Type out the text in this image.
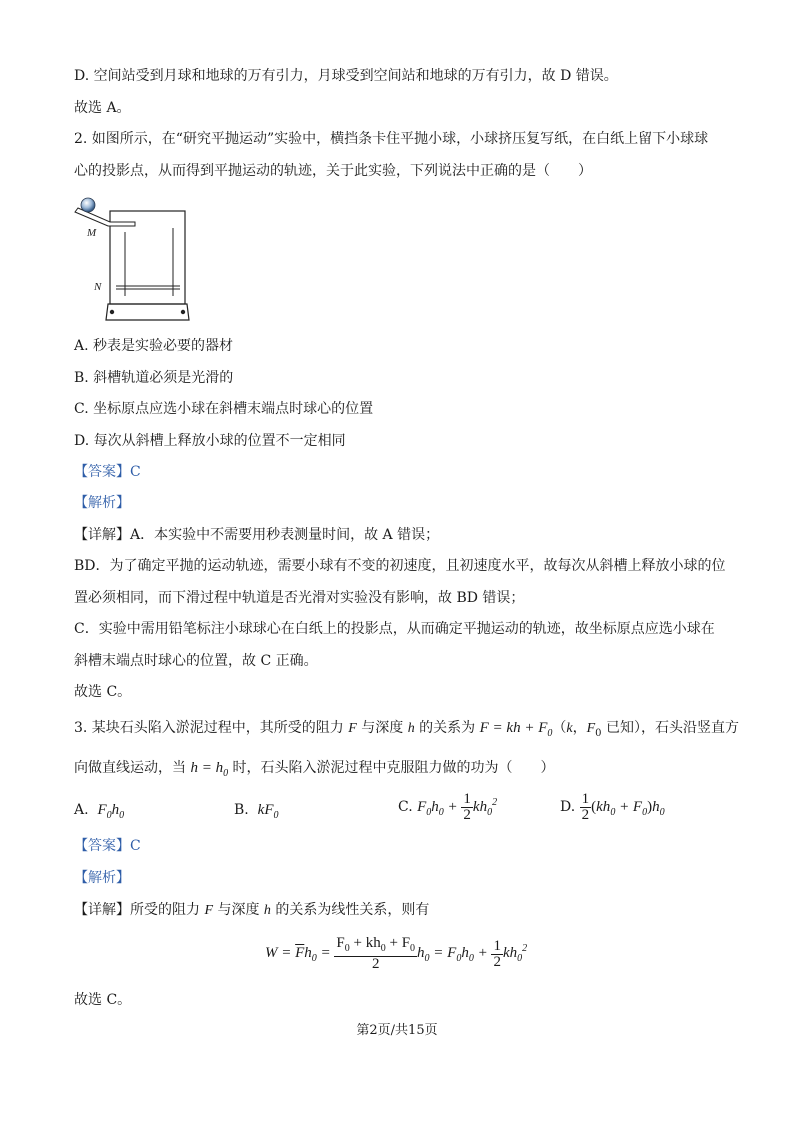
D. 空间站受到月球和地球的万有引力，月球受到空间站和地球的万有引力，故 D 错误。
故选 A。
2. 如图所示，在“研究平抛运动”实验中，横挡条卡住平抛小球，小球挤压复写纸，在白纸上留下小球球
心的投影点，从而得到平抛运动的轨迹，关于此实验，下列说法中正确的是（　　）
M
N
A. 秒表是实验必要的器材
B. 斜槽轨道必须是光滑的
C. 坐标原点应选小球在斜槽末端点时球心的位置
D. 每次从斜槽上释放小球的位置不一定相同
【答案】C
【解析】
【详解】A．本实验中不需要用秒表测量时间，故 A 错误；
BD．为了确定平抛的运动轨迹，需要小球有不变的初速度，且初速度水平，故每次从斜槽上释放小球的位
置必须相同，而下滑过程中轨道是否光滑对实验没有影响，故 BD 错误；
C．实验中需用铅笔标注小球球心在白纸上的投影点，从而确定平抛运动的轨迹，故坐标原点应选小球在
斜槽末端点时球心的位置，故 C 正确。
故选 C。
3. 某块石头陷入淤泥过程中，其所受的阻力 F 与深度 h 的关系为 F = kh + $F_0(k$，$F_0$ 已知），石头沿竖直方
向做直线运动，当 $h = h_0$ 时，石头陷入淤泥过程中克服阻力做的功为（　　）
A. $F_0h_0$	B. $kF_0$
C. $F_0h_0 + \frac{1}{2} kh_0^2$	D. $\frac{1}{2} (kh_0 + F_0)h_0$
【答案】C
【解析】
【详解】所受的阻力 F 与深度 h 的关系为线性关系，则有
$W = \overline{F}h_0 = \frac{F_0 + kh_0 + F_0}{2} h_0 = F_0h_0 + \frac{1}{2} kh_0^2$
故选 C。
第2页/共15页
